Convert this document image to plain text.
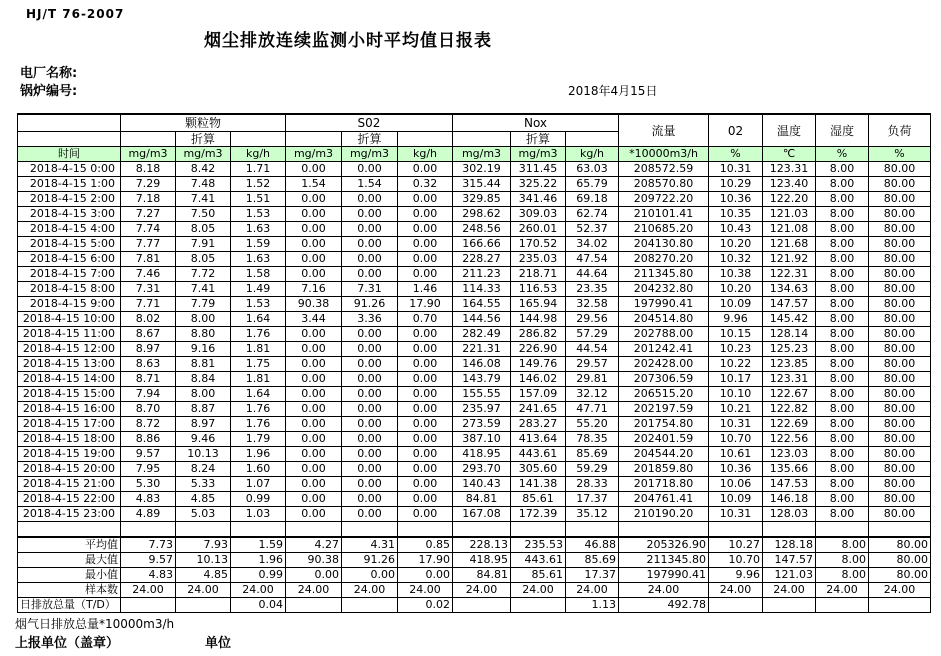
HJ/T 76-2007
烟尘排放连续监测小时平均值日报表
电厂名称:
锅炉编号:	2018年4月15日
	颗粒物			S02			Nox			流量	02	温度	湿度	负荷
		折算			折算			折算						
时间	mg/m3	mg/m3	kg/h	mg/m3	mg/m3	kg/h	mg/m3	mg/m3	kg/h	*10000m3/h	%	℃	%	%
2018-4-15 0:00	8.18	8.42	1.71	0.00	0.00	0.00	302.19	311.45	63.03	208572.59	10.31	123.31	8.00	80.00
2018-4-15 1:00	7.29	7.48	1.52	1.54	1.54	0.32	315.44	325.22	65.79	208570.80	10.29	123.40	8.00	80.00
2018-4-15 2:00	7.18	7.41	1.51	0.00	0.00	0.00	329.85	341.46	69.18	209722.20	10.36	122.20	8.00	80.00
2018-4-15 3:00	7.27	7.50	1.53	0.00	0.00	0.00	298.62	309.03	62.74	210101.41	10.35	121.03	8.00	80.00
2018-4-15 4:00	7.74	8.05	1.63	0.00	0.00	0.00	248.56	260.01	52.37	210685.20	10.43	121.08	8.00	80.00
2018-4-15 5:00	7.77	7.91	1.59	0.00	0.00	0.00	166.66	170.52	34.02	204130.80	10.20	121.68	8.00	80.00
2018-4-15 6:00	7.81	8.05	1.63	0.00	0.00	0.00	228.27	235.03	47.54	208270.20	10.32	121.92	8.00	80.00
2018-4-15 7:00	7.46	7.72	1.58	0.00	0.00	0.00	211.23	218.71	44.64	211345.80	10.38	122.31	8.00	80.00
2018-4-15 8:00	7.31	7.41	1.49	7.16	7.31	1.46	114.33	116.53	23.35	204232.80	10.20	134.63	8.00	80.00
2018-4-15 9:00	7.71	7.79	1.53	90.38	91.26	17.90	164.55	165.94	32.58	197990.41	10.09	147.57	8.00	80.00
2018-4-15 10:00	8.02	8.00	1.64	3.44	3.36	0.70	144.56	144.98	29.56	204514.80	9.96	145.42	8.00	80.00
2018-4-15 11:00	8.67	8.80	1.76	0.00	0.00	0.00	282.49	286.82	57.29	202788.00	10.15	128.14	8.00	80.00
2018-4-15 12:00	8.97	9.16	1.81	0.00	0.00	0.00	221.31	226.90	44.54	201242.41	10.23	125.23	8.00	80.00
2018-4-15 13:00	8.63	8.81	1.75	0.00	0.00	0.00	146.08	149.76	29.57	202428.00	10.22	123.85	8.00	80.00
2018-4-15 14:00	8.71	8.84	1.81	0.00	0.00	0.00	143.79	146.02	29.81	207306.59	10.17	123.31	8.00	80.00
2018-4-15 15:00	7.94	8.00	1.64	0.00	0.00	0.00	155.55	157.09	32.12	206515.20	10.10	122.67	8.00	80.00
2018-4-15 16:00	8.70	8.87	1.76	0.00	0.00	0.00	235.97	241.65	47.71	202197.59	10.21	122.82	8.00	80.00
2018-4-15 17:00	8.72	8.97	1.76	0.00	0.00	0.00	273.59	283.27	55.20	201754.80	10.31	122.69	8.00	80.00
2018-4-15 18:00	8.86	9.46	1.79	0.00	0.00	0.00	387.10	413.64	78.35	202401.59	10.70	122.56	8.00	80.00
2018-4-15 19:00	9.57	10.13	1.96	0.00	0.00	0.00	418.95	443.61	85.69	204544.20	10.61	123.03	8.00	80.00
2018-4-15 20:00	7.95	8.24	1.60	0.00	0.00	0.00	293.70	305.60	59.29	201859.80	10.36	135.66	8.00	80.00
2018-4-15 21:00	5.30	5.33	1.07	0.00	0.00	0.00	140.43	141.38	28.33	201718.80	10.06	147.53	8.00	80.00
2018-4-15 22:00	4.83	4.85	0.99	0.00	0.00	0.00	84.81	85.61	17.37	204761.41	10.09	146.18	8.00	80.00
2018-4-15 23:00	4.89	5.03	1.03	0.00	0.00	0.00	167.08	172.39	35.12	210190.20	10.31	128.03	8.00	80.00

平均值	7.73	7.93	1.59	4.27	4.31	0.85	228.13	235.53	46.88	205326.90	10.27	128.18	8.00	80.00
最大值	9.57	10.13	1.96	90.38	91.26	17.90	418.95	443.61	85.69	211345.80	10.70	147.57	8.00	80.00
最小值	4.83	4.85	0.99	0.00	0.00	0.00	84.81	85.61	17.37	197990.41	9.96	121.03	8.00	80.00
样本数	24.00	24.00	24.00	24.00	24.00	24.00	24.00	24.00	24.00	24.00	24.00	24.00	24.00	24.00
日排放总量（T/D）			0.04			0.02			1.13	492.78				
烟气日排放总量*10000m3/h
上报单位（盖章）	单位
